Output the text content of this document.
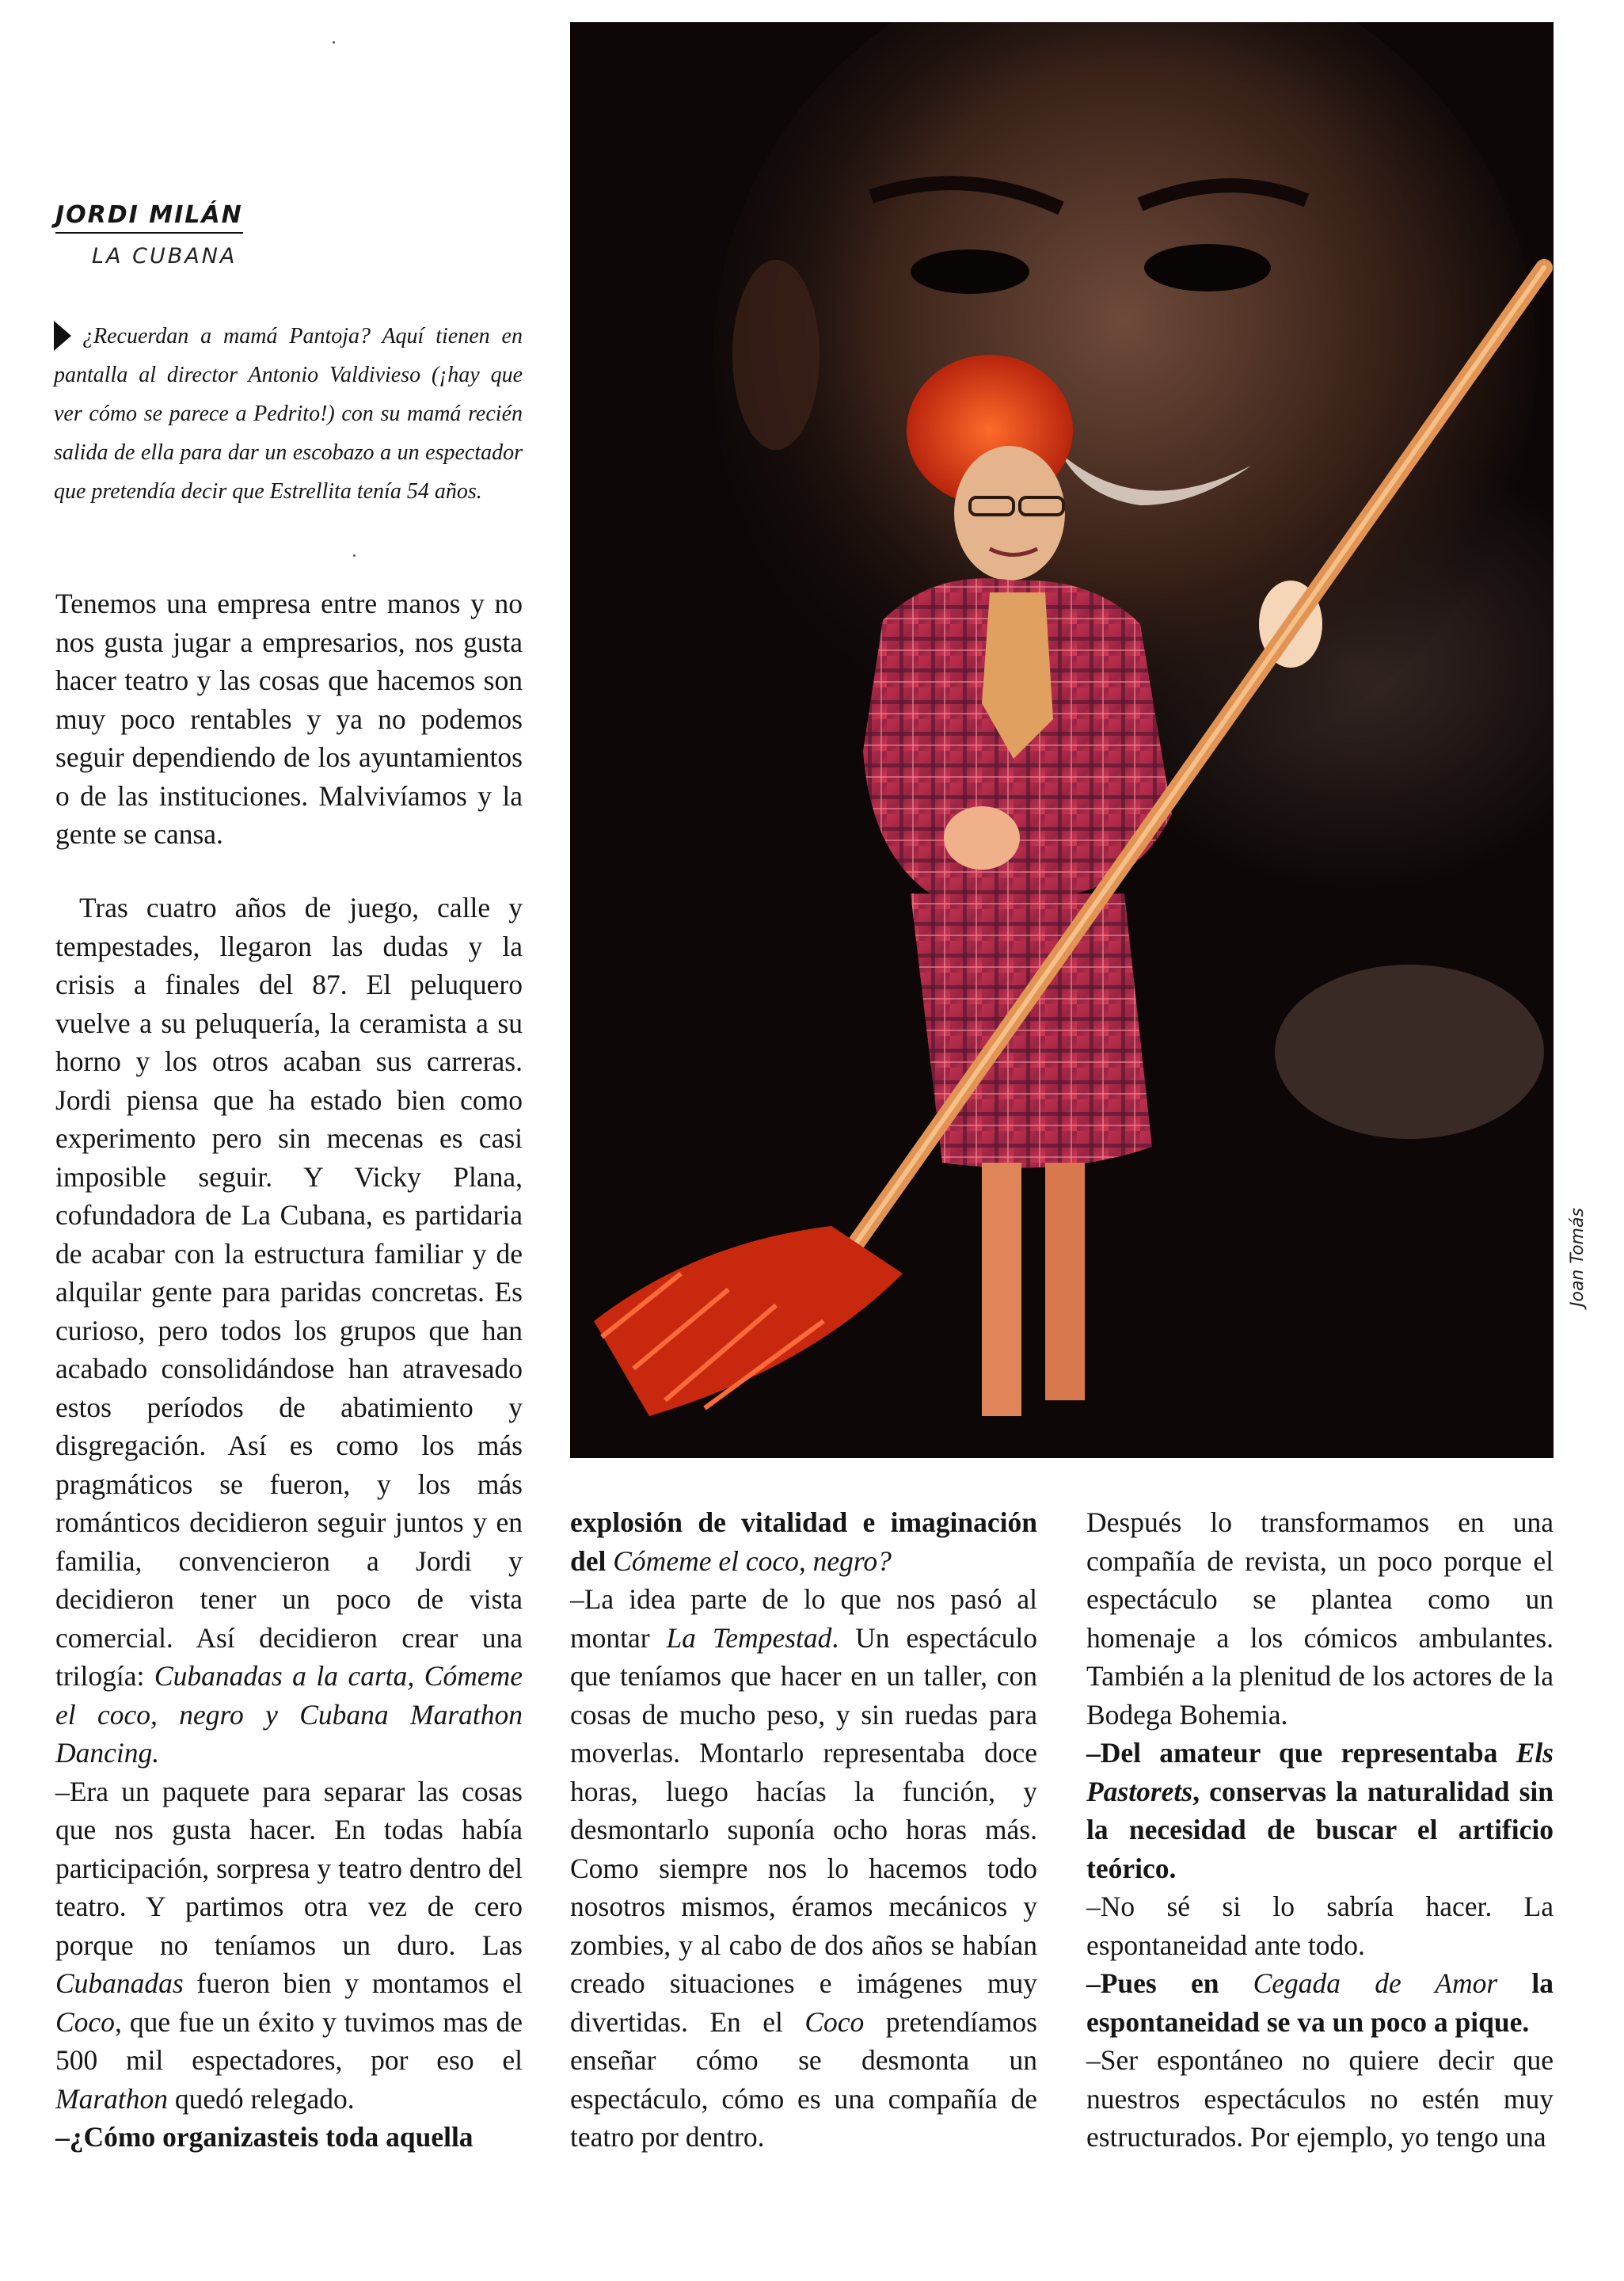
JORDI MILÁN
LA CUBANA
¿Recuerdan a mamá Pantoja? Aquí tienen en pantalla al director Antonio Valdivieso (¡hay que ver cómo se parece a Pedrito!) con su mamá recién salida de ella para dar un escobazo a un espectador que pretendía decir que Estrellita tenía 54 años.

Tenemos una empresa entre manos y no nos gusta jugar a empresarios, nos gusta hacer teatro y las cosas que hacemos son muy poco rentables y ya no podemos seguir dependiendo de los ayuntamientos o de las instituciones. Malvivíamos y la gente se cansa.

Tras cuatro años de juego, calle y tempestades, llegaron las dudas y la crisis a finales del 87. El peluquero vuelve a su peluquería, la ceramista a su horno y los otros acaban sus carreras. Jordi piensa que ha estado bien como experimento pero sin mecenas es casi imposible seguir. Y Vicky Plana, cofundadora de La Cubana, es partidaria de acabar con la estructura familiar y de alquilar gente para paridas concretas. Es curioso, pero todos los grupos que han acabado consolidándose han atravesado estos períodos de abatimiento y disgregación. Así es como los más pragmáticos se fueron, y los más románticos decidieron seguir juntos y en familia, convencieron a Jordi y decidieron tener un poco de vista comercial. Así decidieron crear una trilogía: Cubanadas a la carta, Cómeme el coco, negro y Cubana Marathon Dancing.

–Era un paquete para separar las cosas que nos gusta hacer. En todas había participación, sorpresa y teatro dentro del teatro. Y partimos otra vez de cero porque no teníamos un duro. Las Cubanadas fueron bien y montamos el Coco, que fue un éxito y tuvimos mas de 500 mil espectadores, por eso el Marathon quedó relegado.

–¿Cómo organizasteis toda aquella

Joan Tomás

explosión de vitalidad e imaginación del Cómeme el coco, negro?

–La idea parte de lo que nos pasó al montar La Tempestad. Un espectáculo que teníamos que hacer en un taller, con cosas de mucho peso, y sin ruedas para moverlas. Montarlo representaba doce horas, luego hacías la función, y desmontarlo suponía ocho horas más. Como siempre nos lo hacemos todo nosotros mismos, éramos mecánicos y zombies, y al cabo de dos años se habían creado situaciones e imágenes muy divertidas. En el Coco pretendíamos enseñar cómo se desmonta un espectáculo, cómo es una compañía de teatro por dentro.

Después lo transformamos en una compañía de revista, un poco porque el espectáculo se plantea como un homenaje a los cómicos ambulantes. También a la plenitud de los actores de la Bodega Bohemia.

–Del amateur que representaba Els Pastorets, conservas la naturalidad sin la necesidad de buscar el artificio teórico.

–No sé si lo sabría hacer. La espontaneidad ante todo.

–Pues en Cegada de Amor la espontaneidad se va un poco a pique.

–Ser espontáneo no quiere decir que nuestros espectáculos no estén muy estructurados. Por ejemplo, yo tengo una
